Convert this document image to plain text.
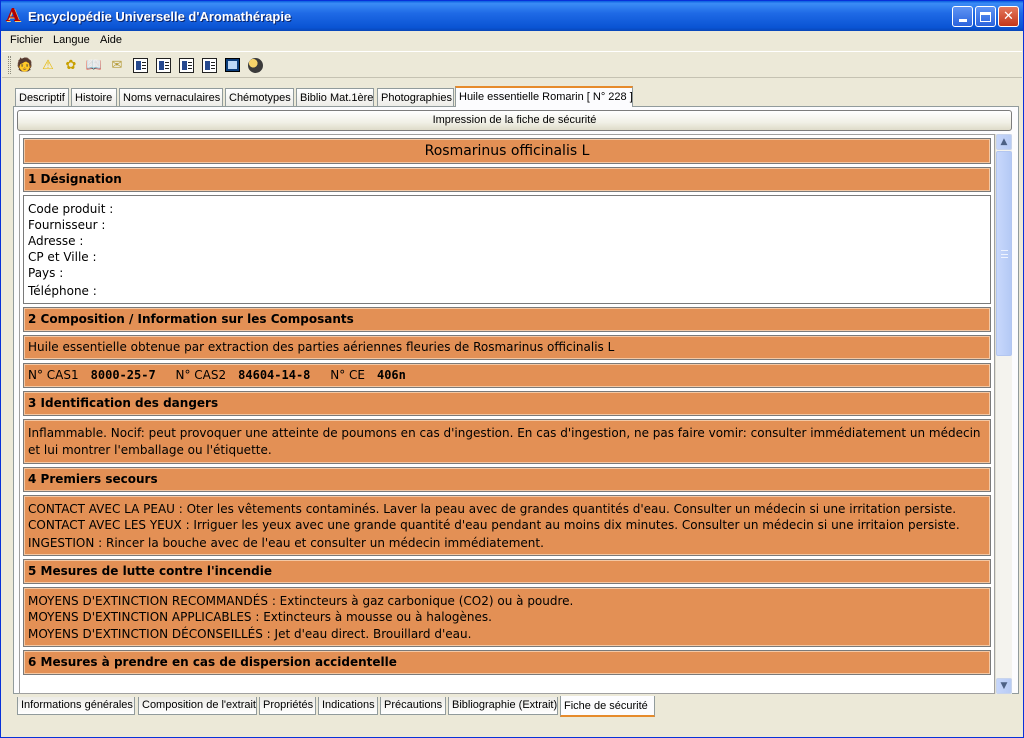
A Encyclopédie Universelle d'Aromathérapie	✕
Fichier Langue Aide
🧑 ⚠ ✿ 📖 ✉
Descriptif Histoire Noms vernaculaires Chémotypes Biblio Mat.1ère Photographies Huile essentielle Romarin [ N° 228 ]
Impression de la fiche de sécurité
Rosmarinus officinalis L
1 Désignation
Code produit :
Fournisseur :
Adresse :
CP et Ville :
Pays :
Téléphone :
2 Composition / Information sur les Composants
Huile essentielle obtenue par extraction des parties aériennes fleuries de Rosmarinus officinalis L
N° CAS1 8000-25-7 N° CAS2 84604-14-8 N° CE 406n
3 Identification des dangers
Inflammable. Nocif: peut provoquer une atteinte de poumons en cas d'ingestion. En cas d'ingestion, ne pas faire vomir: consulter immédiatement un médecin et lui montrer l'emballage ou l'étiquette.
4 Premiers secours
CONTACT AVEC LA PEAU : Oter les vêtements contaminés. Laver la peau avec de grandes quantités d'eau. Consulter un médecin si une irritation persiste.
CONTACT AVEC LES YEUX : Irriguer les yeux avec une grande quantité d'eau pendant au moins dix minutes. Consulter un médecin si une irritaion persiste.
INGESTION : Rincer la bouche avec de l'eau et consulter un médecin immédiatement.
5 Mesures de lutte contre l'incendie
MOYENS D'EXTINCTION RECOMMANDÉS : Extincteurs à gaz carbonique (CO2) ou à poudre.
MOYENS D'EXTINCTION APPLICABLES : Extincteurs à mousse ou à halogènes.
MOYENS D'EXTINCTION DÉCONSEILLÉS : Jet d'eau direct. Brouillard d'eau.
6 Mesures à prendre en cas de dispersion accidentelle
▲
▼
Informations générales Composition de l'extrait Propriétés Indications Précautions Bibliographie (Extrait) Fiche de sécurité
